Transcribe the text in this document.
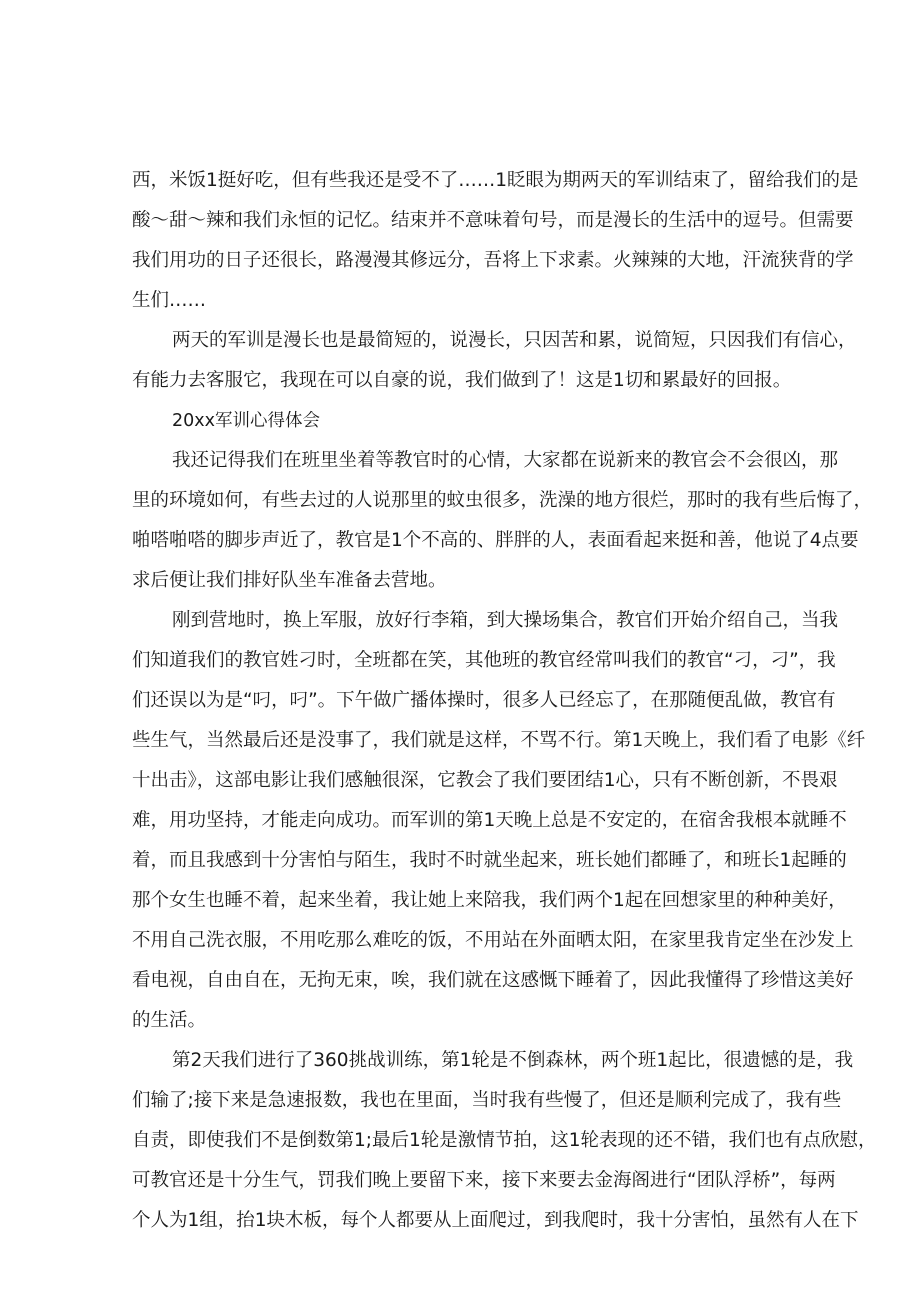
西，米饭1挺好吃，但有些我还是受不了……1眨眼为期两天的军训结束了，留给我们的是
酸～甜～辣和我们永恒的记忆。结束并不意味着句号，而是漫长的生活中的逗号。但需要
我们用功的日子还很长，路漫漫其修远分，吾将上下求素。火辣辣的大地，汗流狭背的学
生们……
两天的军训是漫长也是最简短的，说漫长，只因苦和累，说简短，只因我们有信心，
有能力去客服它，我现在可以自豪的说，我们做到了！这是1切和累最好的回报。
20xx军训心得体会
我还记得我们在班里坐着等教官时的心情，大家都在说新来的教官会不会很凶，那
里的环境如何，有些去过的人说那里的蚊虫很多，洗澡的地方很烂，那时的我有些后悔了，
啪嗒啪嗒的脚步声近了，教官是1个不高的、胖胖的人，表面看起来挺和善，他说了4点要
求后便让我们排好队坐车准备去营地。
刚到营地时，换上军服，放好行李箱，到大操场集合，教官们开始介绍自己，当我
们知道我们的教官姓刁时，全班都在笑，其他班的教官经常叫我们的教官“刁，刁”，我
们还误以为是“叼，叼”。下午做广播体操时，很多人已经忘了，在那随便乱做，教官有
些生气，当然最后还是没事了，我们就是这样，不骂不行。第1天晚上，我们看了电影《纤
十出击》，这部电影让我们感触很深，它教会了我们要团结1心，只有不断创新，不畏艰
难，用功坚持，才能走向成功。而军训的第1天晚上总是不安定的，在宿舍我根本就睡不
着，而且我感到十分害怕与陌生，我时不时就坐起来，班长她们都睡了，和班长1起睡的
那个女生也睡不着，起来坐着，我让她上来陪我，我们两个1起在回想家里的种种美好，
不用自己洗衣服，不用吃那么难吃的饭，不用站在外面晒太阳，在家里我肯定坐在沙发上
看电视，自由自在，无拘无束，唉，我们就在这感慨下睡着了，因此我懂得了珍惜这美好
的生活。
第2天我们进行了360挑战训练，第1轮是不倒森林，两个班1起比，很遗憾的是，我
们输了;接下来是急速报数，我也在里面，当时我有些慢了，但还是顺利完成了，我有些
自责，即使我们不是倒数第1;最后1轮是激情节拍，这1轮表现的还不错，我们也有点欣慰，
可教官还是十分生气，罚我们晚上要留下来，接下来要去金海阁进行“团队浮桥”，每两
个人为1组，抬1块木板，每个人都要从上面爬过，到我爬时，我十分害怕，虽然有人在下
